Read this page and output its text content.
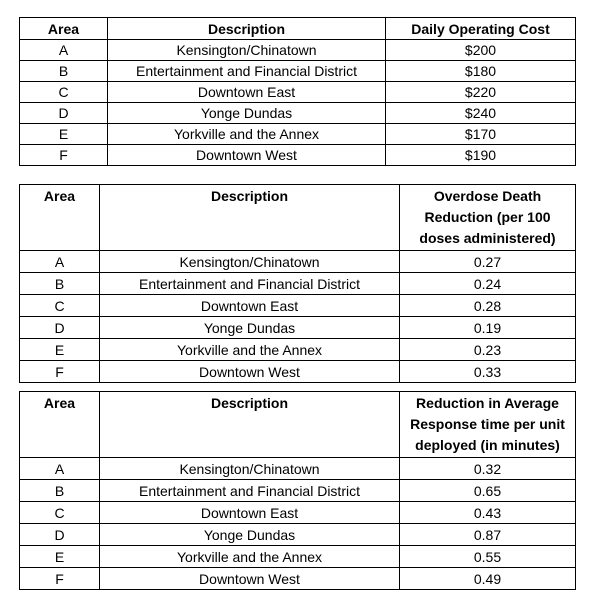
Area	Description	Daily Operating Cost
A	Kensington/Chinatown	$200
B	Entertainment and Financial District	$180
C	Downtown East	$220
D	Yonge Dundas	$240
E	Yorkville and the Annex	$170
F	Downtown West	$190
Area	Description	Overdose Death
Reduction (per 100
doses administered)

A	Kensington/Chinatown	0.27
B	Entertainment and Financial District	0.24
C	Downtown East	0.28
D	Yonge Dundas	0.19
E	Yorkville and the Annex	0.23
F	Downtown West	0.33
Area	Description	Reduction in Average
Response time per unit
deployed (in minutes)

A	Kensington/Chinatown	0.32
B	Entertainment and Financial District	0.65
C	Downtown East	0.43
D	Yonge Dundas	0.87
E	Yorkville and the Annex	0.55
F	Downtown West	0.49
